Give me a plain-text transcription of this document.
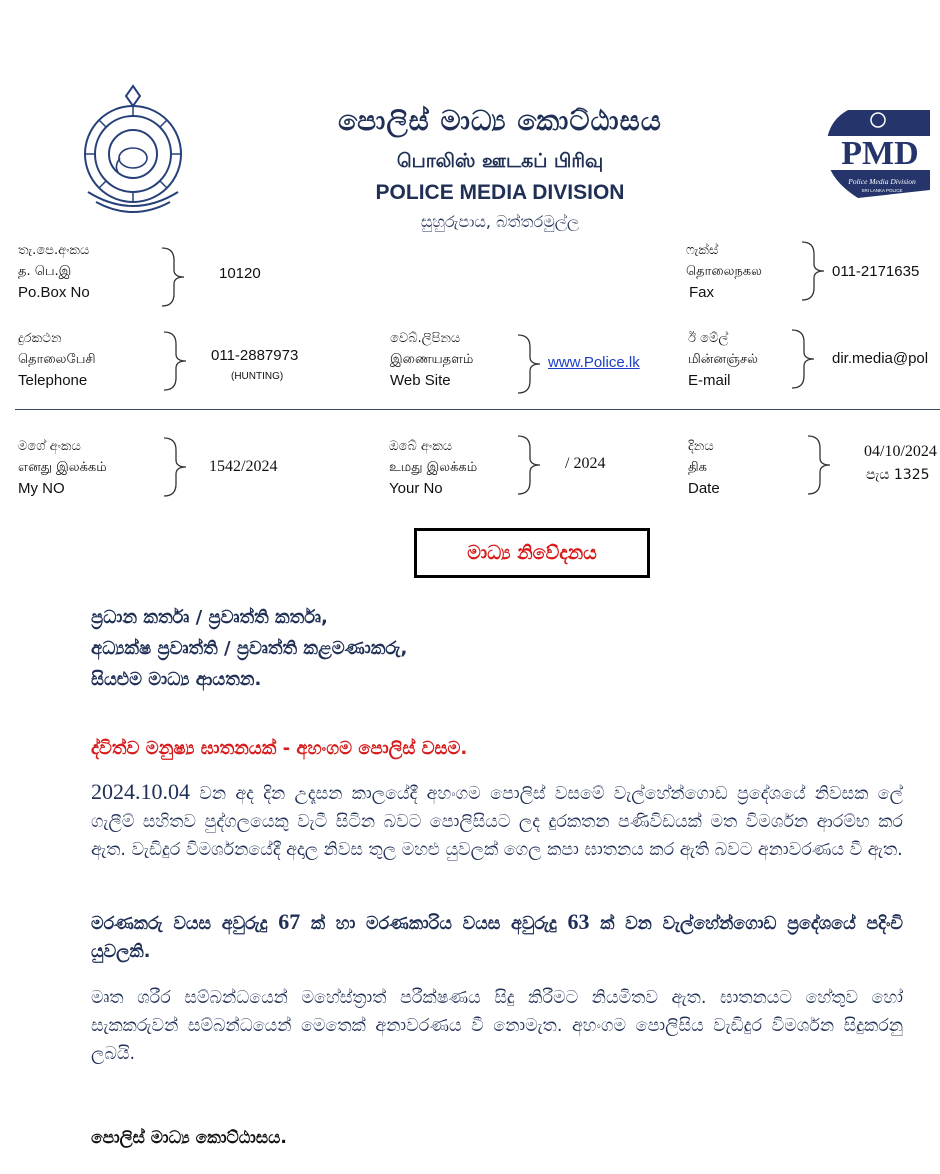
PMD
Police Media Division
SRI LANKA POLICE
පොලිස් මාධ්‍ය කොට්ඨාසය
பொலிஸ் ஊடகப் பிரிவு
POLICE MEDIA DIVISION
සුහුරුපාය, බත්තරමුල්ල
තැ.පෙ.අංකය
த. பெ.இ
Po.Box No
10120
ෆැක්ස්
தொலைநகல
Fax
011-2171635
දුරකථන
தொலைபேசி
Telephone
011-2887973
(HUNTING)
වෙබ්.ලිපිනය
இணையதளம்
Web Site
www.Police.lk
ඊ මේල්
மின்னஞ்சல்
E-mail
dir.media@pol
මගේ අංකය
எனது இலக்கம்
My NO
1542/2024
ඔබේ අංකය
உமது இலக்கம்
Your No
/ 2024
දිනය
திக
Date
04/10/2024
පැය 1325
මාධ්‍ය නිවේදනය
ප්‍රධාන කර්තෘ / ප්‍රවෘත්ති කර්තෘ,
අධ්‍යක්ෂ ප්‍රවෘත්ති / ප්‍රවෘත්ති කළමණාකරු,
සියළුම මාධ්‍ය ආයතන.
ද්විත්ව මනුෂ්‍ය ඝාතනයක් - අහංගම පොලිස් වසම.
2024.10.04 වන අද දින උදෑසන කාලයේදී අහංගම පොලිස් වසමේ වැල්හේන්ගොඩ ප්‍රදේශයේ නිවසක ලේ ගැලීම් සහිතව පුද්ගලයෙකු වැටී සිටින බවට පොලිසියට ලද දුරකතන පණිවිඩයක් මත විමර්ශන ආරම්භ කර ඇත. වැඩිදුර විමර්ශනයේදී අදාල නිවස තුල මහළු යුවලක් ගෙල කපා ඝාතනය කර ඇති බවට අනාවරණය වී ඇත.
මරණකරු වයස අවුරුදු 67 ක් හා මරණකාරිය වයස අවුරුදු 63 ක් වන වැල්හේන්ගොඩ ප්‍රදේශයේ පදිංචි යුවලකි.
මෘත ශරීර සම්බන්ධයෙන් මහේස්ත්‍රාත් පරීක්ෂණය සිදු කිරීමට නියමිතව ඇත. ඝාතනයට හේතුව හෝ සැකකරුවන් සම්බන්ධයෙන් මෙතෙක් අනාවරණය වී නොමැත. අහංගම පොලිසිය වැඩිදුර විමර්ශන සිදුකරනු ලබයි.
පොලිස් මාධ්‍ය කොට්ඨාසය.
